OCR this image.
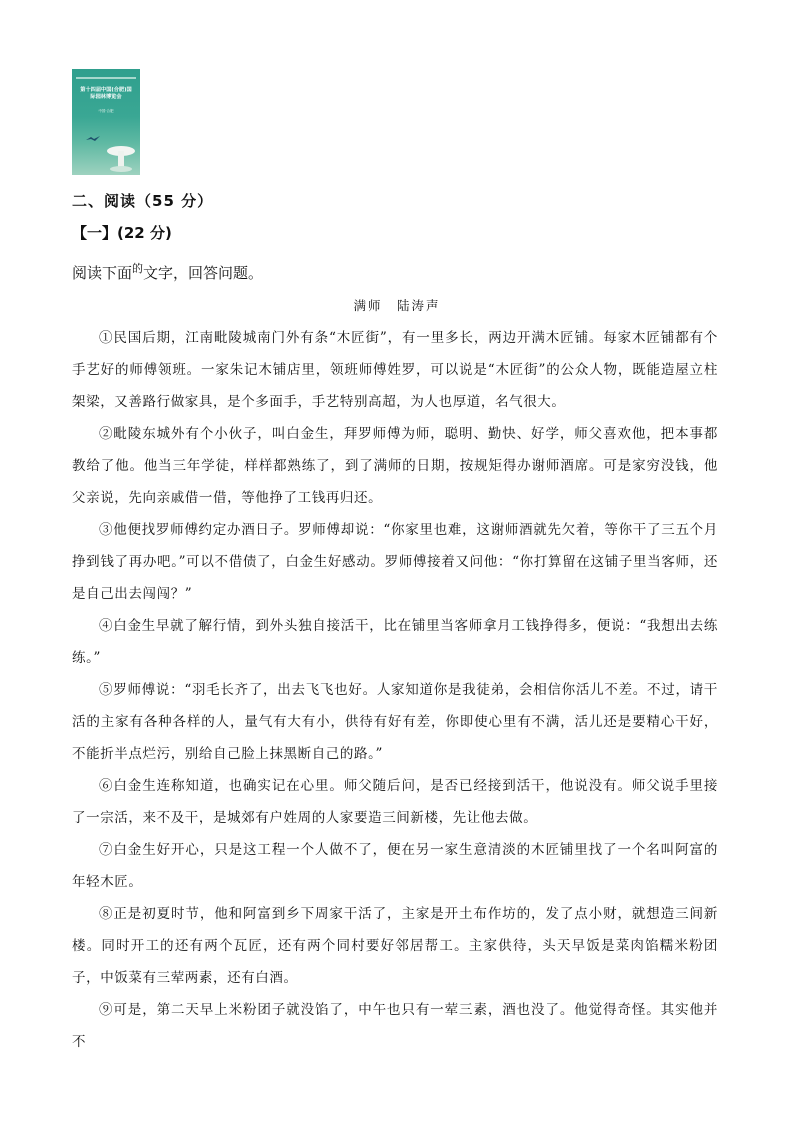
第十四届中国(合肥)国际园林博览会
中国·合肥
二、阅读（55 分）
【一】(22 分)
阅读下面$^的$文字，回答问题。
满师　陆涛声

①民国后期，江南毗陵城南门外有条“木匠街”，有一里多长，两边开满木匠铺。每家木匠铺都有个手艺好的师傅领班。一家朱记木铺店里，领班师傅姓罗，可以说是“木匠街”的公众人物，既能造屋立柱架梁，又善路行做家具，是个多面手，手艺特别高超，为人也厚道，名气很大。

②毗陵东城外有个小伙子，叫白金生，拜罗师傅为师，聪明、勤快、好学，师父喜欢他，把本事都教给了他。他当三年学徒，样样都熟练了，到了满师的日期，按规矩得办谢师酒席。可是家穷没钱，他父亲说，先向亲戚借一借，等他挣了工钱再归还。

③他便找罗师傅约定办酒日子。罗师傅却说：“你家里也难，这谢师酒就先欠着，等你干了三五个月挣到钱了再办吧。”可以不借债了，白金生好感动。罗师傅接着又问他：“你打算留在这铺子里当客师，还是自己出去闯闯？”

④白金生早就了解行情，到外头独自接活干，比在铺里当客师拿月工钱挣得多，便说：“我想出去练练。”

⑤罗师傅说：“羽毛长齐了，出去飞飞也好。人家知道你是我徒弟，会相信你活儿不差。不过，请干活的主家有各种各样的人，量气有大有小，供待有好有差，你即使心里有不满，活儿还是要精心干好，不能折半点烂污，别给自己脸上抹黑断自己的路。”

⑥白金生连称知道，也确实记在心里。师父随后问，是否已经接到活干，他说没有。师父说手里接了一宗活，来不及干，是城郊有户姓周的人家要造三间新楼，先让他去做。

⑦白金生好开心，只是这工程一个人做不了，便在另一家生意清淡的木匠铺里找了一个名叫阿富的年轻木匠。

⑧正是初夏时节，他和阿富到乡下周家干活了，主家是开土布作坊的，发了点小财，就想造三间新楼。同时开工的还有两个瓦匠，还有两个同村要好邻居帮工。主家供待，头天早饭是菜肉馅糯米粉团子，中饭菜有三荤两素，还有白酒。

⑨可是，第二天早上米粉团子就没馅了，中午也只有一荤三素，酒也没了。他觉得奇怪。其实他并不
